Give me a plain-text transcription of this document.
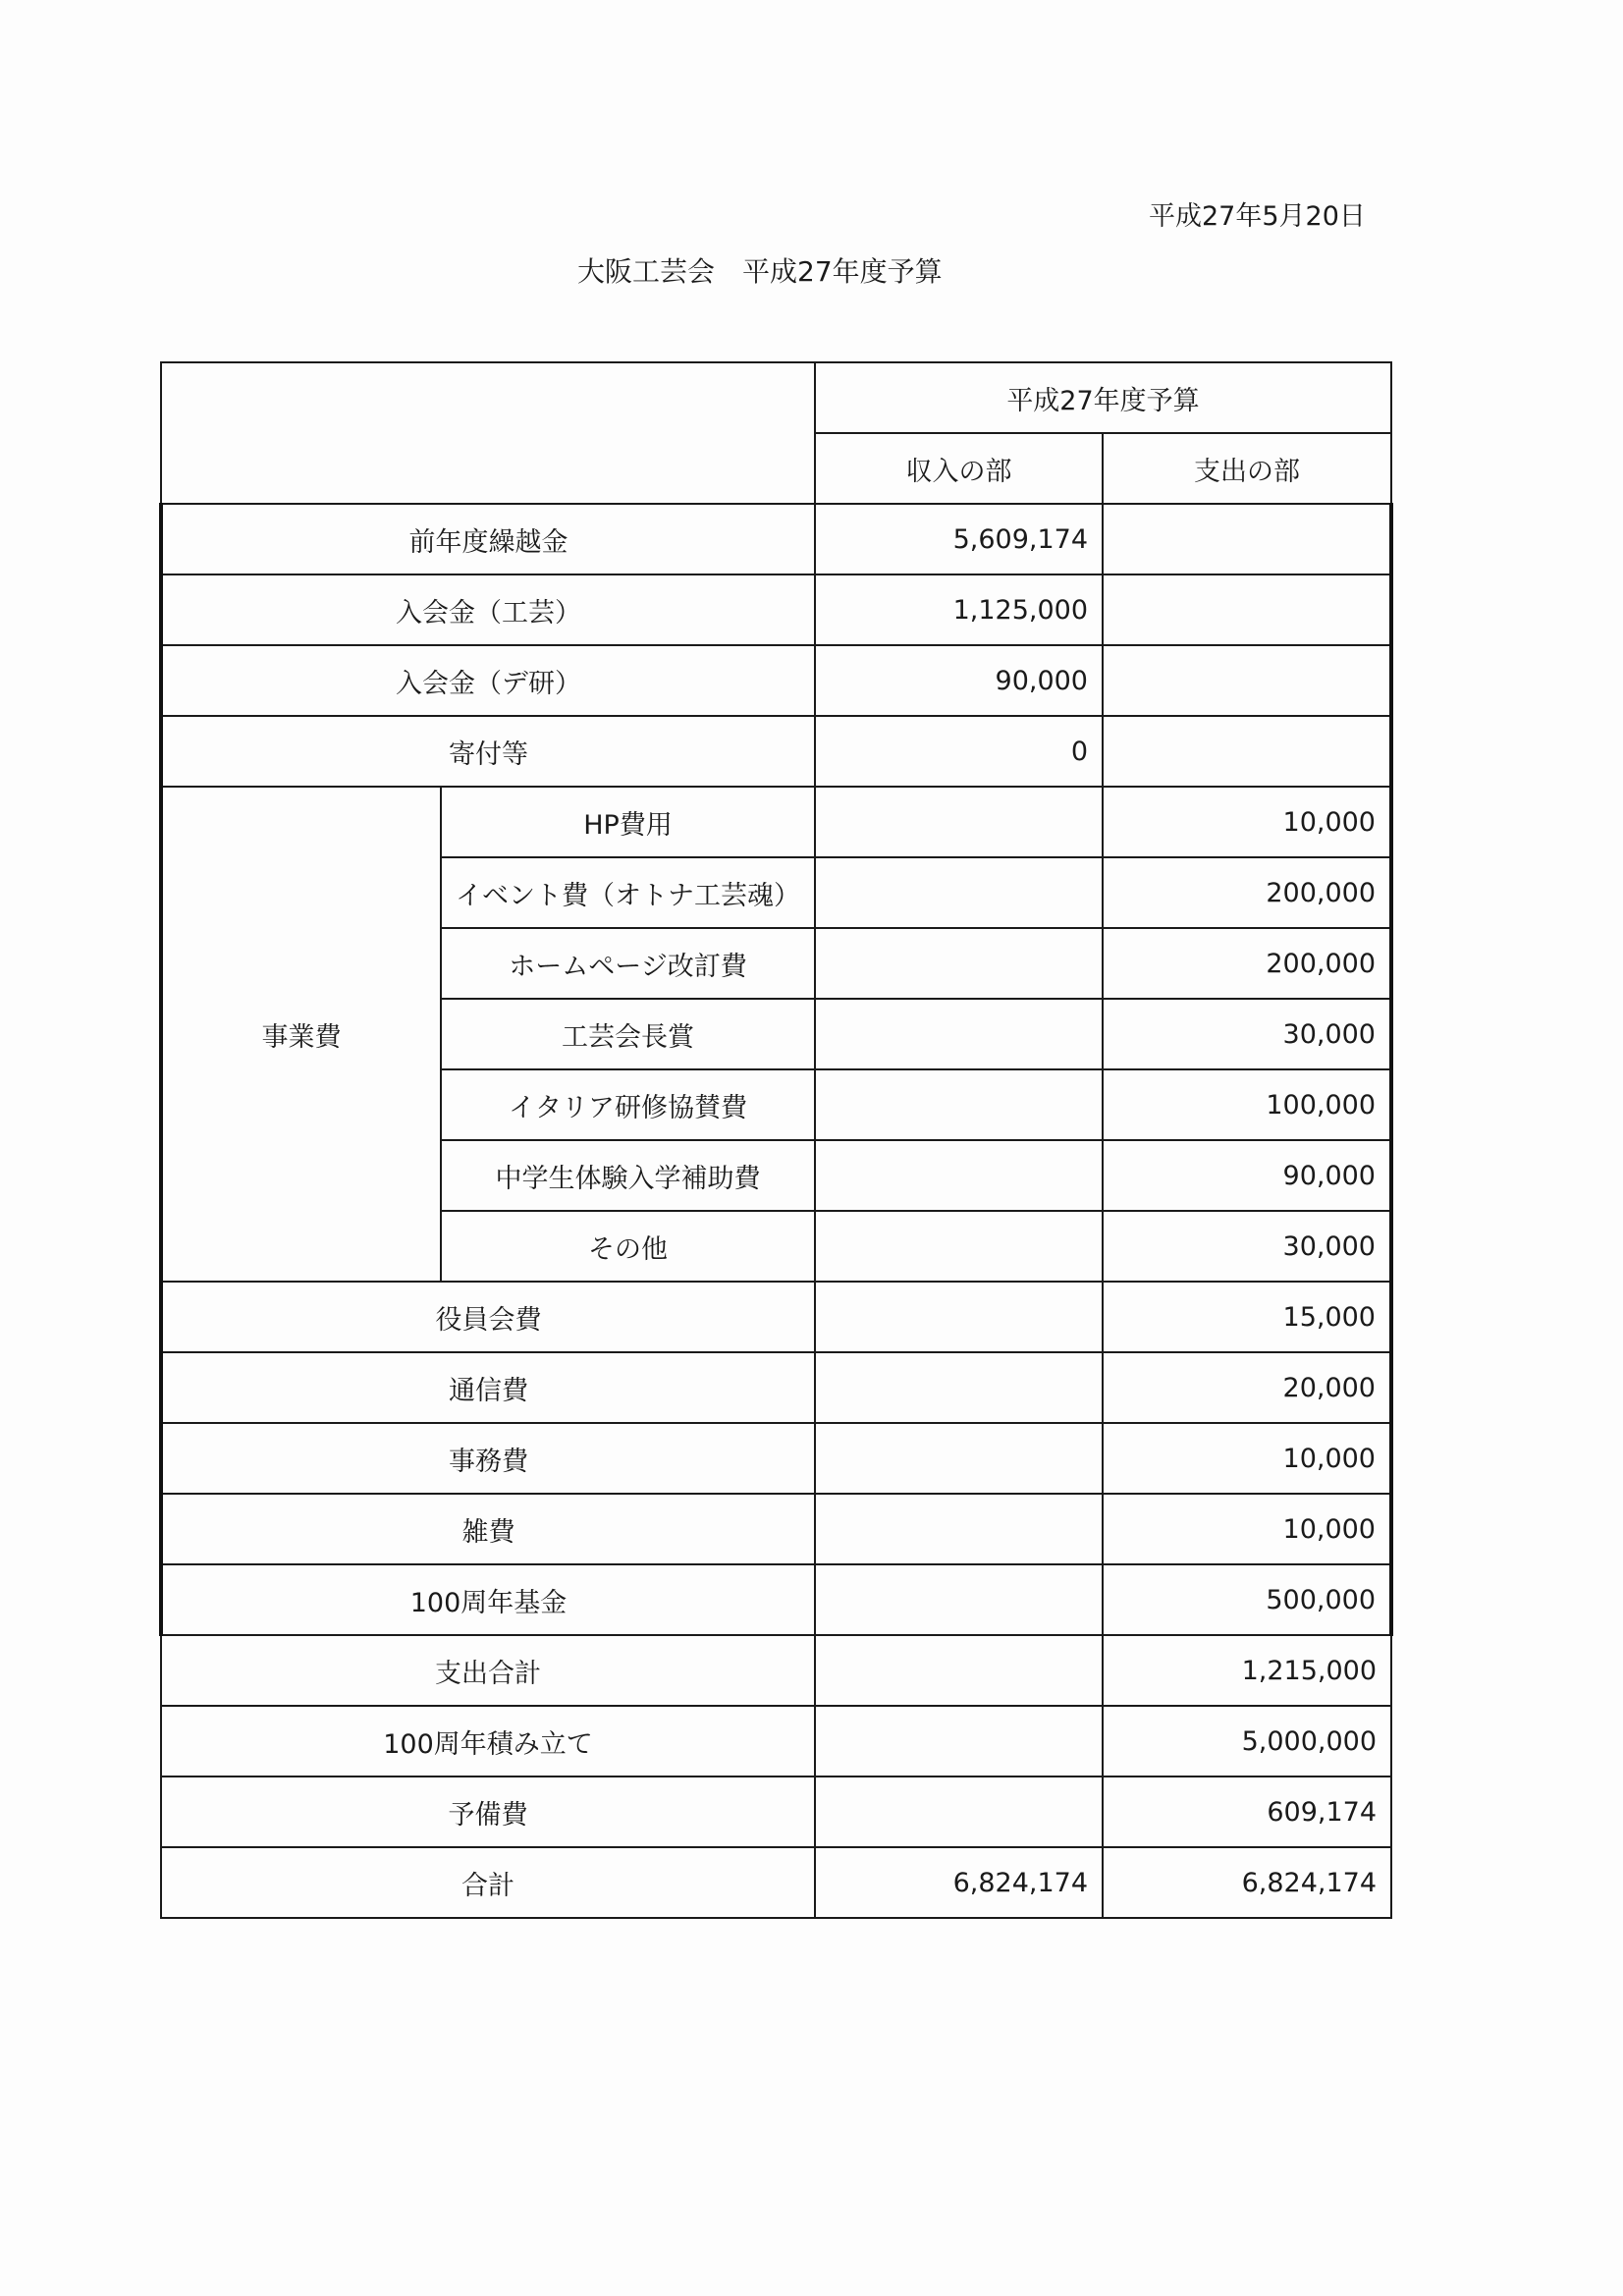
平成27年5月20日
大阪工芸会　平成27年度予算
		平成27年度予算	
		収入の部	支出の部
前年度繰越金		5,609,174	
入会金（工芸）		1,125,000	
入会金（デ研）		90,000	
寄付等		0	
事業費	HP費用		10,000
	イベント費（オトナ工芸魂）		200,000
	ホームページ改訂費		200,000
	工芸会長賞		30,000
	イタリア研修協賛費		100,000
	中学生体験入学補助費		90,000
	その他		30,000
役員会費			15,000
通信費			20,000
事務費			10,000
雑費			10,000
100周年基金			500,000
支出合計			1,215,000
100周年積み立て			5,000,000
予備費			609,174
合計		6,824,174	6,824,174
